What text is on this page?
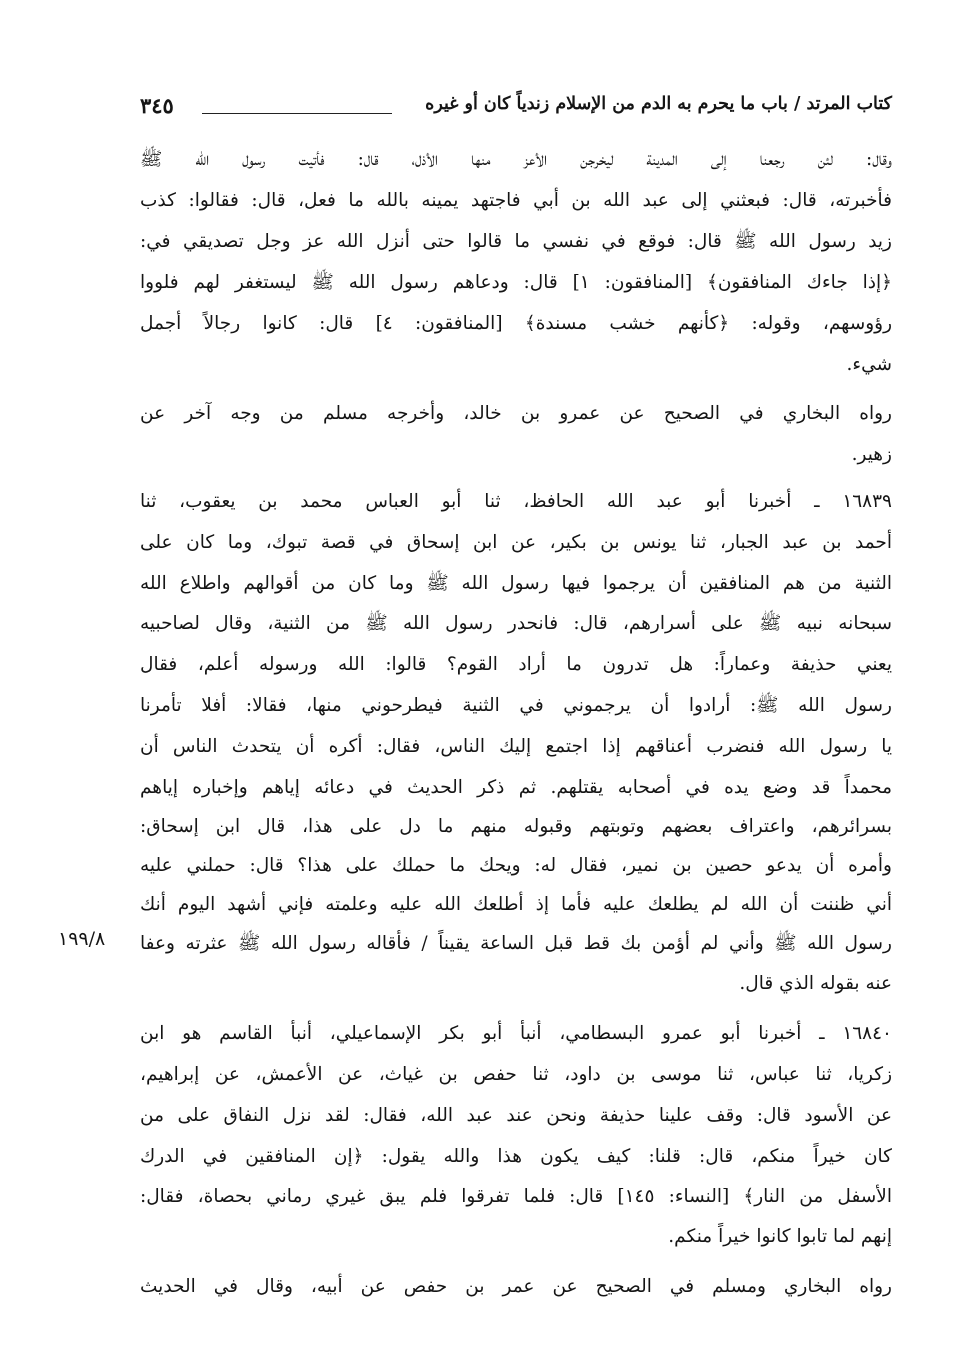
كتاب المرتد / باب ما يحرم به الدم من الإسلام زندياً كان أو غيره
٣٤٥
وقال: لئن رجعنا إلى المدينة ليخرجن الأعز منها الأذل، قال: فأتيت رسول الله ﷺ
فأخبرته، قال: فبعثني إلى عبد الله بن أبي فاجتهد يمينه بالله ما فعل، قال: فقالوا: كذب
زيد رسول الله ﷺ قال: فوقع في نفسي ما قالوا حتى أنزل الله عز وجل تصديقي في:
﴿إذا جاءك المنافقون﴾ [المنافقون: ١] قال: ودعاهم رسول الله ﷺ ليستغفر لهم فلووا
رؤوسهم، وقوله: ﴿كأنهم خشب مسندة﴾ [المنافقون: ٤] قال: كانوا رجالاً أجمل
شيء.
رواه البخاري في الصحيح عن عمرو بن خالد، وأخرجه مسلم من وجه آخر عن
زهير.
١٦٨٣٩ ـ أخبرنا أبو عبد الله الحافظ، ثنا أبو العباس محمد بن يعقوب، ثنا
أحمد بن عبد الجبار، ثنا يونس بن بكير، عن ابن إسحاق في قصة تبوك، وما كان على
الثنية من هم المنافقين أن يرجموا فيها رسول الله ﷺ وما كان من أقوالهم واطلاع الله
سبحانه نبيه ﷺ على أسرارهم، قال: فانحدر رسول الله ﷺ من الثنية، وقال لصاحبيه
يعني حذيفة وعماراً: هل تدرون ما أراد القوم؟ قالوا: الله ورسوله أعلم، فقال
رسول الله ﷺ: أرادوا أن يرجموني في الثنية فيطرحوني منها، فقالا: أفلا تأمرنا
يا رسول الله فنضرب أعناقهم إذا اجتمع إليك الناس، فقال: أكره أن يتحدث الناس أن
محمداً قد وضع يده في أصحابه يقتلهم. ثم ذكر الحديث في دعائه إياهم وإخباره إياهم
بسرائرهم، واعتراف بعضهم وتوبتهم وقبوله منهم ما دل على هذا، قال ابن إسحاق:
وأمره أن يدعو حصين بن نمير، فقال له: ويحك ما حملك على هذا؟ قال: حملني عليه
أني ظننت أن الله لم يطلعك عليه فأما إذ أطلعك الله عليه وعلمته فإني أشهد اليوم أنك
رسول الله ﷺ وأني لم أؤمن بك قط قبل الساعة يقيناً / فأقاله رسول الله ﷺ عثرته وعفا
عنه بقوله الذي قال.
١٦٨٤٠ ـ أخبرنا أبو عمرو البسطامي، أنبأ أبو بكر الإسماعيلي، أنبأ القاسم هو ابن
زكريا، ثنا عباس، ثنا موسى بن داود، ثنا حفص بن غياث، عن الأعمش، عن إبراهيم،
عن الأسود قال: وقف علينا حذيفة ونحن عند عبد الله، فقال: لقد نزل النفاق على من
كان خيراً منكم، قال: قلنا: كيف يكون هذا والله يقول: ﴿إن المنافقين في الدرك
الأسفل من النار﴾ [النساء: ١٤٥] قال: فلما تفرقوا فلم يبق غيري رماني بحصاة، فقال:
إنهم لما تابوا كانوا خيراً منكم.
رواه البخاري ومسلم في الصحيح عن عمر بن حفص عن أبيه، وقال في الحديث
١٩٩/٨
